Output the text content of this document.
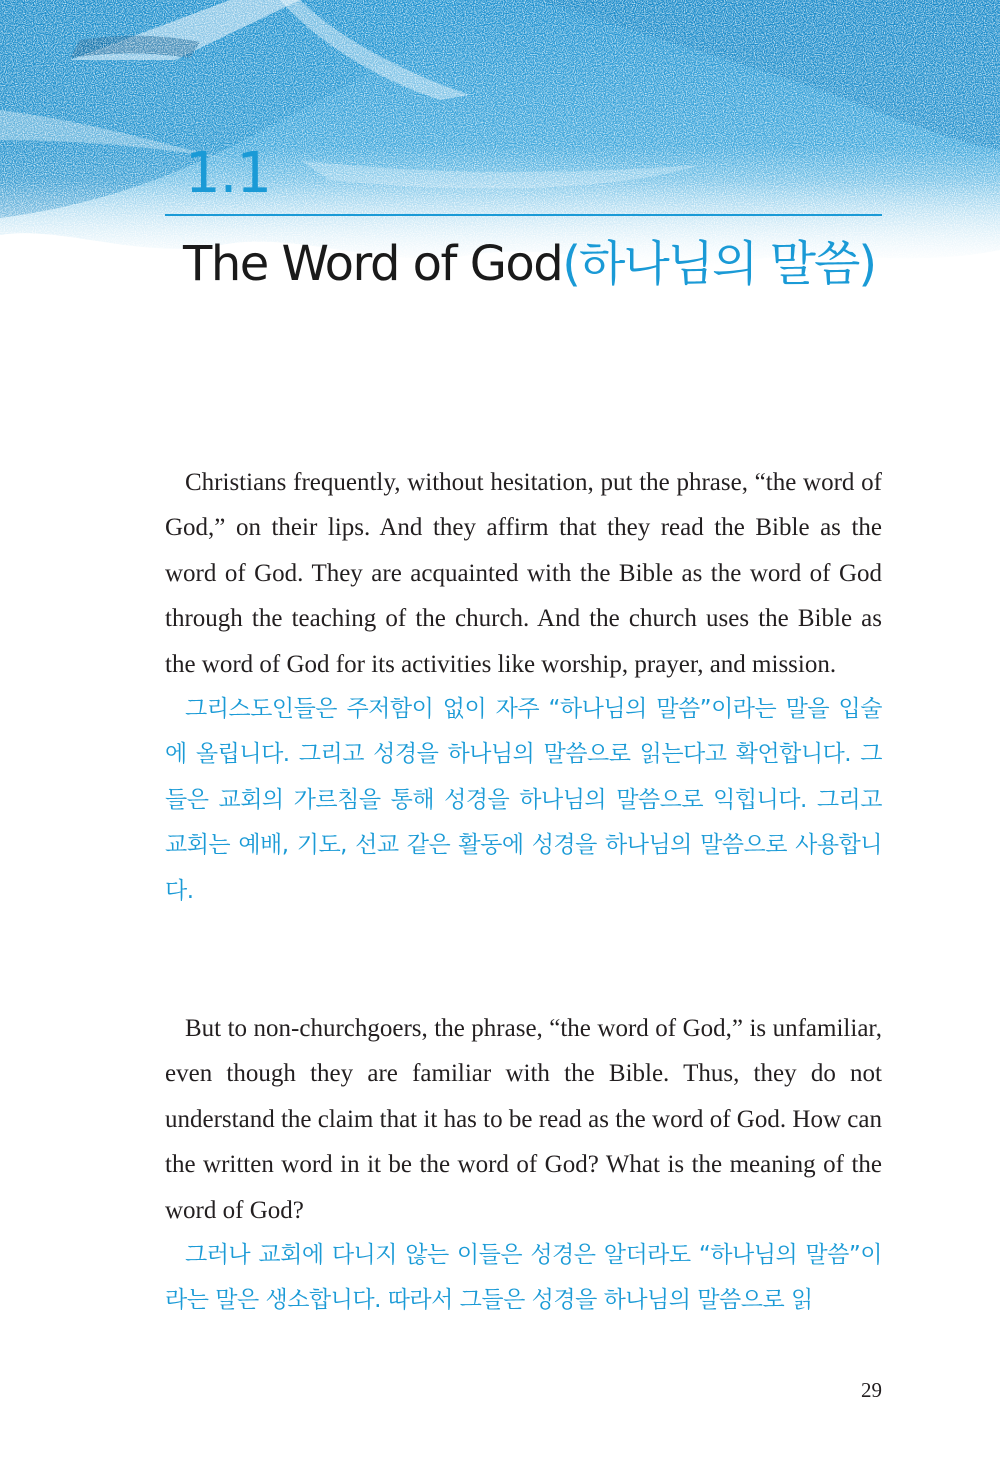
1.1
The Word of God(하나님의 말씀)

Christians frequently, without hesitation, put the phrase, “the word of God,” on their lips. And they affirm that they read the Bible as the word of God. They are acquainted with the Bible as the word of God through the teaching of the church. And the church uses the Bible as the word of God for its activities like worship, prayer, and mission.

그리스도인들은 주저함이 없이 자주 “하나님의 말씀”이라는 말을 입술에 올립니다. 그리고 성경을 하나님의 말씀으로 읽는다고 확언합니다. 그들은 교회의 가르침을 통해 성경을 하나님의 말씀으로 익힙니다. 그리고 교회는 예배, 기도, 선교 같은 활동에 성경을 하나님의 말씀으로 사용합니다.

But to non-churchgoers, the phrase, “the word of God,” is unfamiliar, even though they are familiar with the Bible. Thus, they do not understand the claim that it has to be read as the word of God. How can the written word in it be the word of God? What is the meaning of the word of God?

그러나 교회에 다니지 않는 이들은 성경은 알더라도 “하나님의 말씀”이라는 말은 생소합니다. 따라서 그들은 성경을 하나님의 말씀으로 읽

29
